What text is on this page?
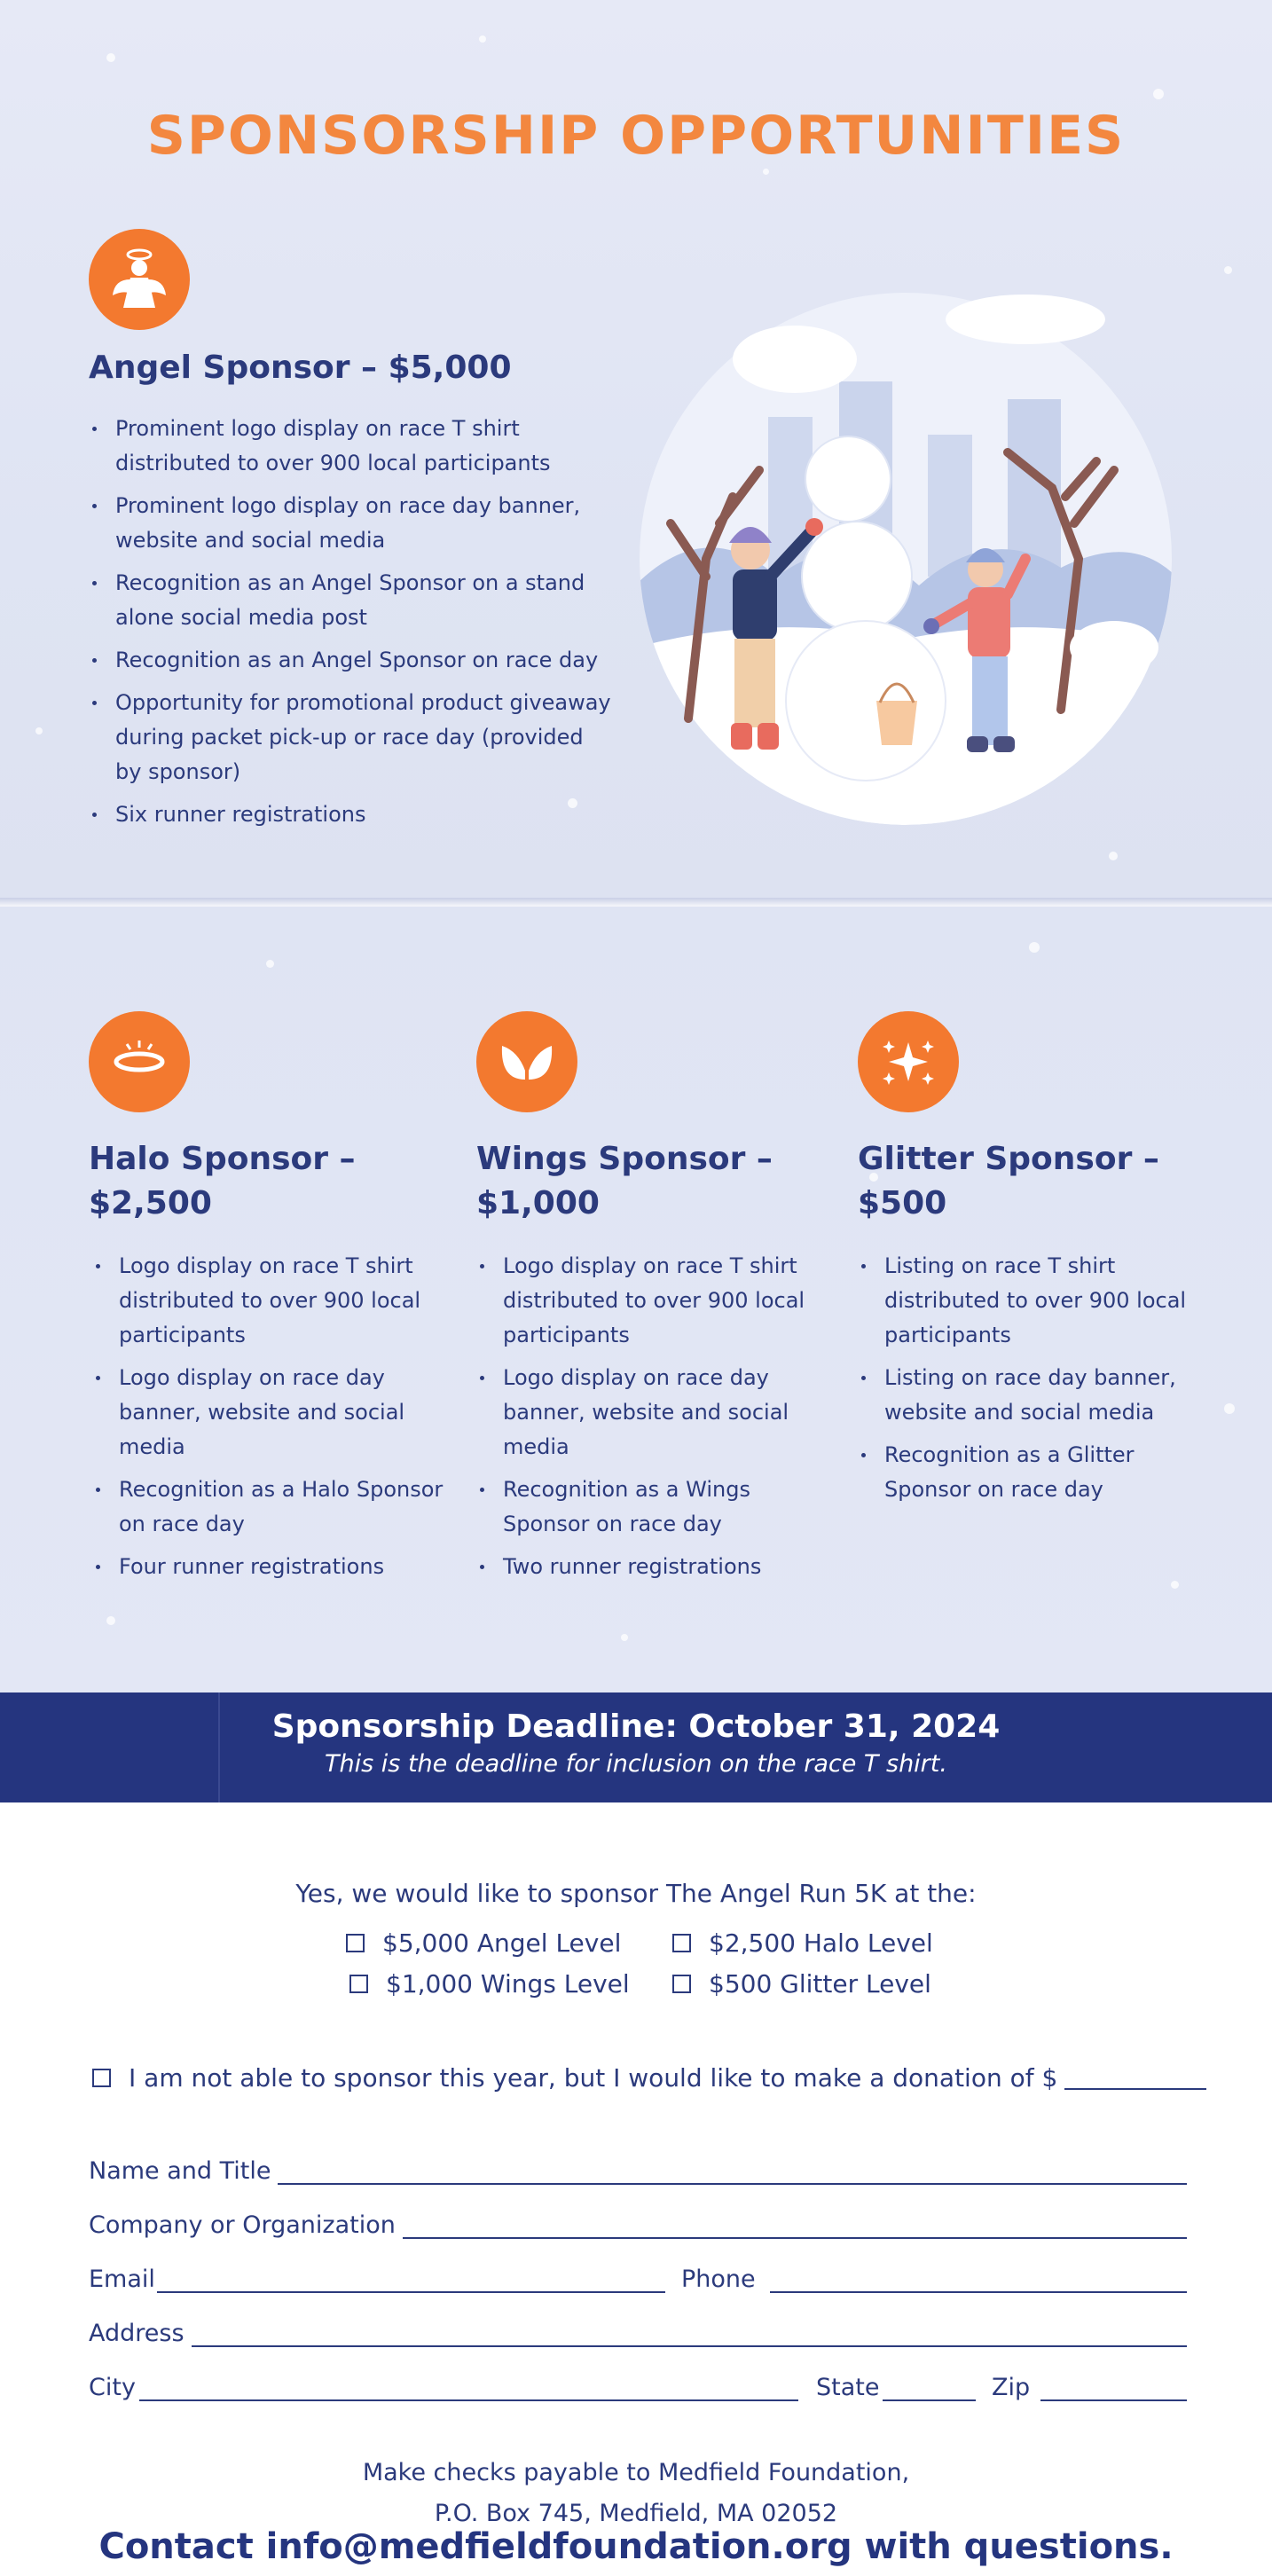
SPONSORSHIP OPPORTUNITIES
Angel Sponsor – $5,000
Prominent logo display on race T shirt distributed to over 900 local participants
Prominent logo display on race day banner, website and social media
Recognition as an Angel Sponsor on a stand alone social media post
Recognition as an Angel Sponsor on race day
Opportunity for promotional product giveaway during packet pick-up or race day (provided by sponsor)
Six runner registrations
Halo Sponsor –
$2,500
Logo display on race T shirt distributed to over 900 local participants
Logo display on race day banner, website and social media
Recognition as a Halo Sponsor on race day
Four runner registrations
Wings Sponsor –
$1,000
Logo display on race T shirt distributed to over 900 local participants
Logo display on race day banner, website and social media
Recognition as a Wings Sponsor on race day
Two runner registrations
Glitter Sponsor –
$500
Listing on race T shirt distributed to over 900 local participants
Listing on race day banner, website and social media
Recognition as a Glitter Sponsor on race day
Sponsorship Deadline: October 31, 2024
This is the deadline for inclusion on the race T shirt.
Yes, we would like to sponsor The Angel Run 5K at the:
$5,000 Angel Level	$2,500 Halo Level
$1,000 Wings Level	$500 Glitter Level
I am not able to sponsor this year, but I would like to make a donation of $
Name and Title
Company or Organization
Email	Phone
Address
City	State	Zip
Make checks payable to Medfield Foundation,
P.O. Box 745, Medfield, MA 02052
Contact info@medfieldfoundation.org with questions.
